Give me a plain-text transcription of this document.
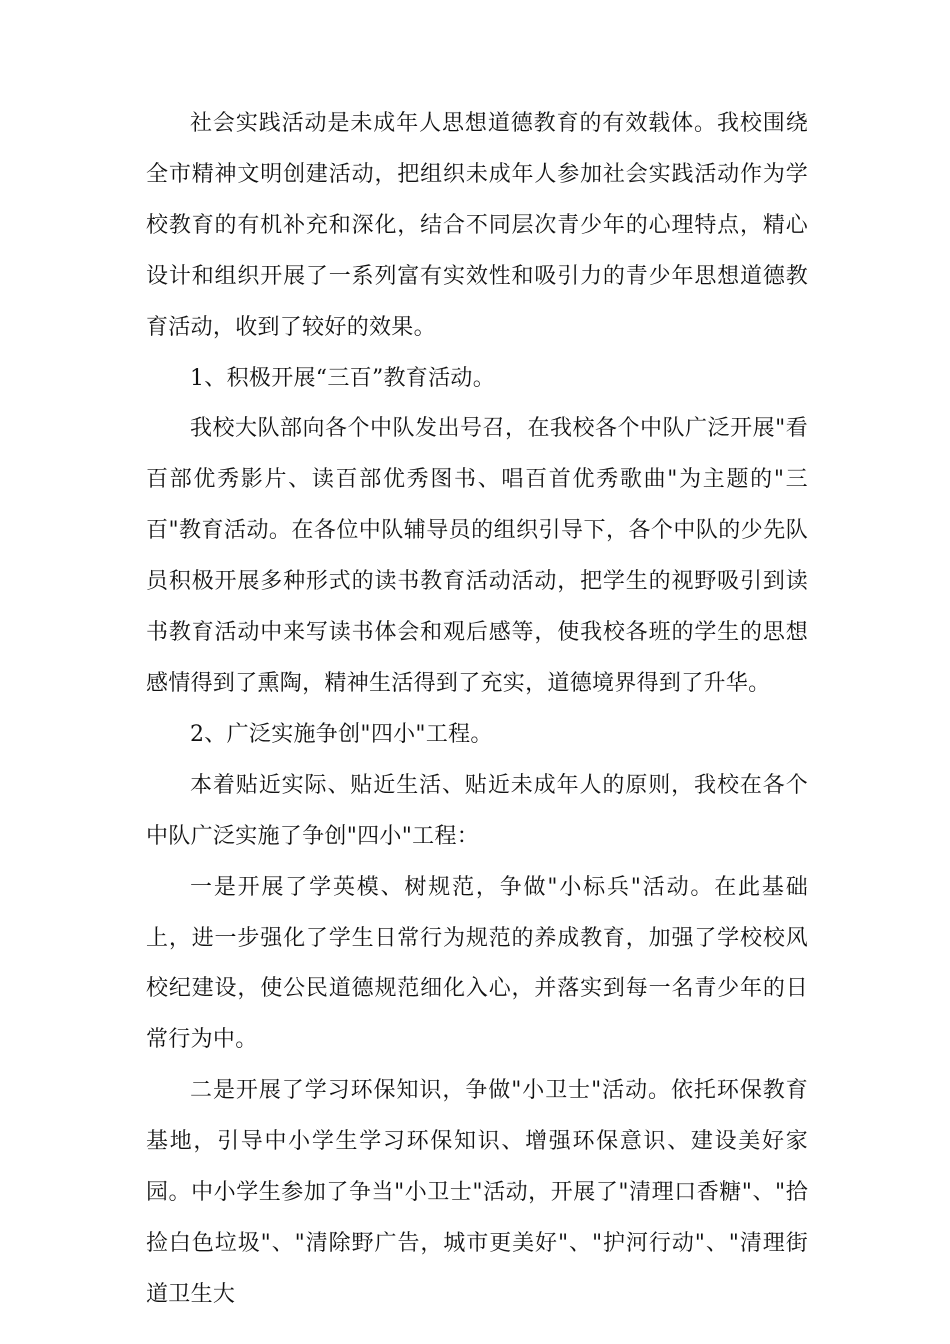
社会实践活动是未成年人思想道德教育的有效载体。我校围绕全市精神文明创建活动，把组织未成年人参加社会实践活动作为学校教育的有机补充和深化，结合不同层次青少年的心理特点，精心设计和组织开展了一系列富有实效性和吸引力的青少年思想道德教育活动，收到了较好的效果。

1、积极开展“三百”教育活动。

我校大队部向各个中队发出号召，在我校各个中队广泛开展"看百部优秀影片、读百部优秀图书、唱百首优秀歌曲"为主题的"三百"教育活动。在各位中队辅导员的组织引导下，各个中队的少先队员积极开展多种形式的读书教育活动活动，把学生的视野吸引到读书教育活动中来写读书体会和观后感等，使我校各班的学生的思想感情得到了熏陶，精神生活得到了充实，道德境界得到了升华。

2、广泛实施争创"四小"工程。

本着贴近实际、贴近生活、贴近未成年人的原则，我校在各个中队广泛实施了争创"四小"工程：

一是开展了学英模、树规范，争做"小标兵"活动。在此基础上，进一步强化了学生日常行为规范的养成教育，加强了学校校风校纪建设，使公民道德规范细化入心，并落实到每一名青少年的日常行为中。

二是开展了学习环保知识，争做"小卫士"活动。依托环保教育基地，引导中小学生学习环保知识、增强环保意识、建设美好家园。中小学生参加了争当"小卫士"活动，开展了"清理口香糖"、"拾捡白色垃圾"、"清除野广告，城市更美好"、"护河行动"、"清理街道卫生大
